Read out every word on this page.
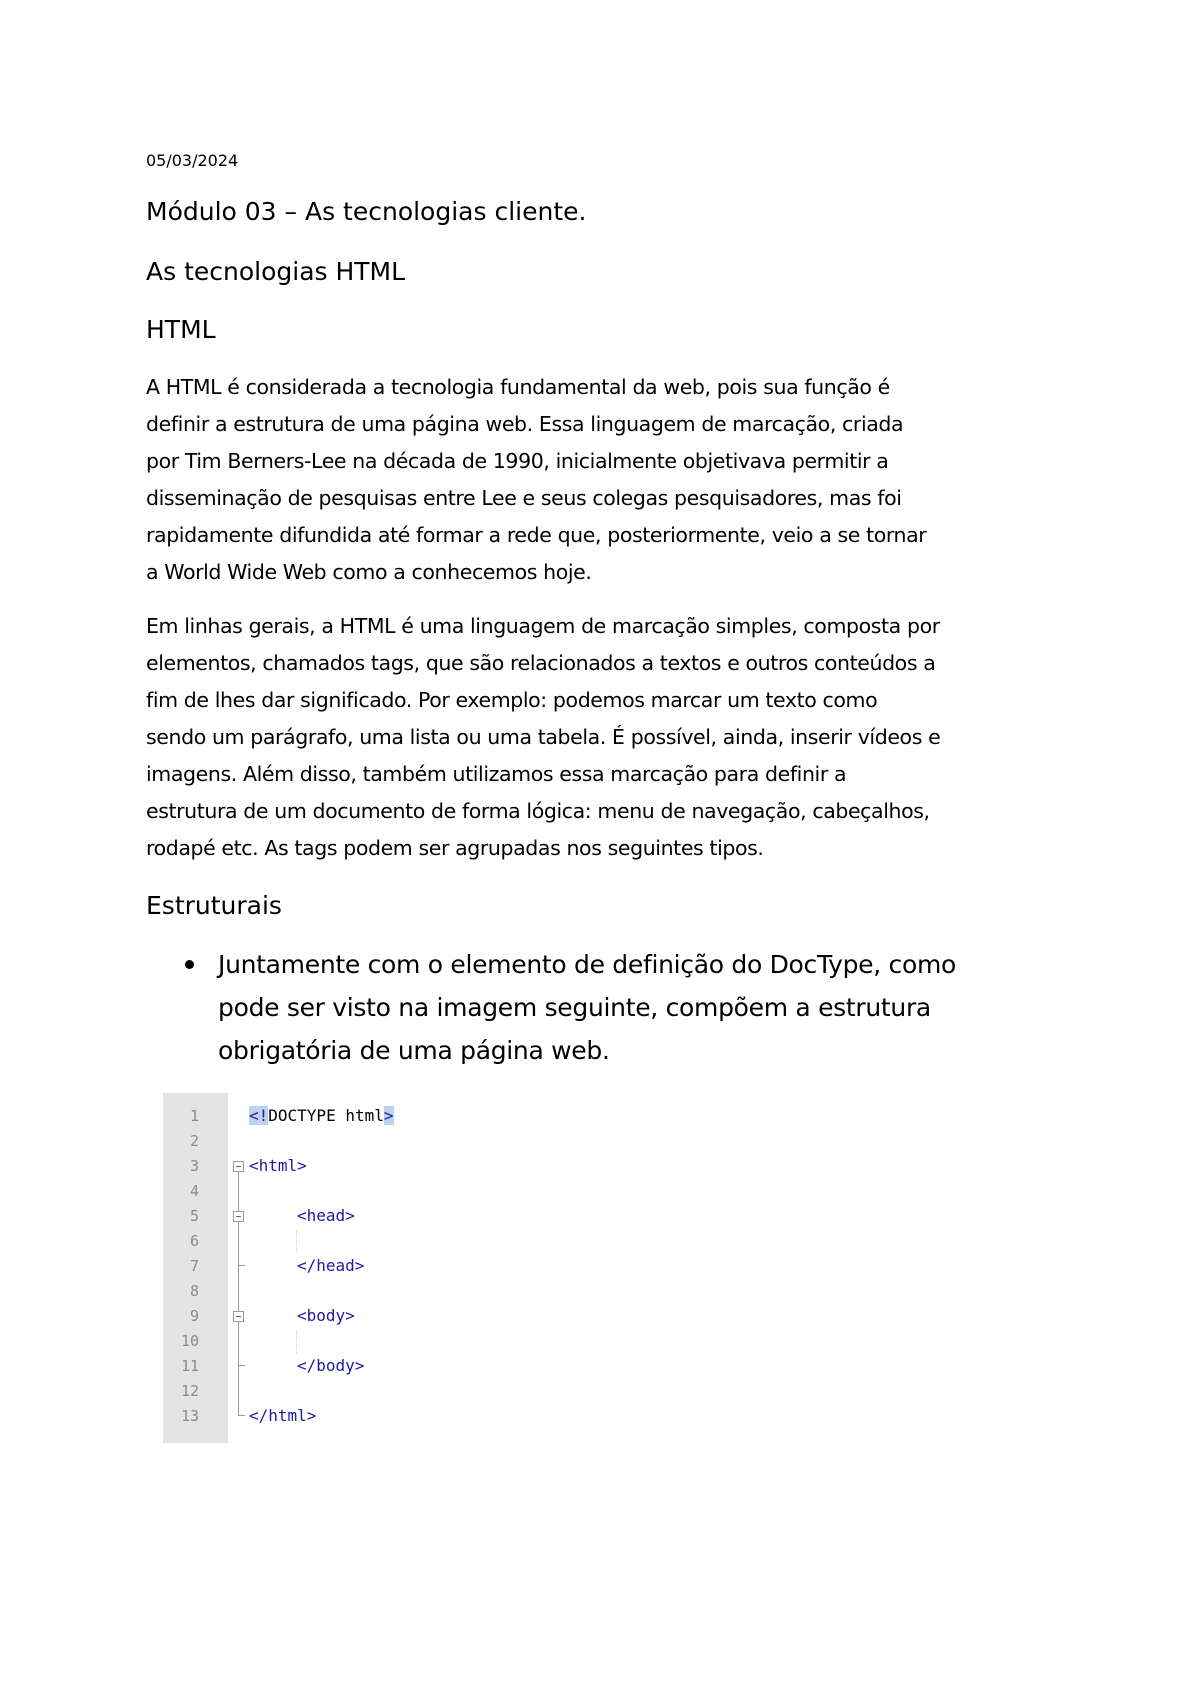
05/03/2024
Módulo 03 – As tecnologias cliente.
As tecnologias HTML
HTML

A HTML é considerada a tecnologia fundamental da web, pois sua função é
definir a estrutura de uma página web. Essa linguagem de marcação, criada
por Tim Berners-Lee na década de 1990, inicialmente objetivava permitir a
disseminação de pesquisas entre Lee e seus colegas pesquisadores, mas foi
rapidamente difundida até formar a rede que, posteriormente, veio a se tornar
a World Wide Web como a conhecemos hoje.

Em linhas gerais, a HTML é uma linguagem de marcação simples, composta por
elementos, chamados tags, que são relacionados a textos e outros conteúdos a
fim de lhes dar significado. Por exemplo: podemos marcar um texto como
sendo um parágrafo, uma lista ou uma tabela. É possível, ainda, inserir vídeos e
imagens. Além disso, também utilizamos essa marcação para definir a
estrutura de um documento de forma lógica: menu de navegação, cabeçalhos,
rodapé etc. As tags podem ser agrupadas nos seguintes tipos.

Estruturais
Juntamente com o elemento de definição do DocType, como
pode ser visto na imagem seguinte, compõem a estrutura
obrigatória de uma página web.
1
2
3
4
5
6
7
8
9
10
11
12
13
<!DOCTYPE html>
<html>
<head>
</head>
<body>
</body>
</html>
